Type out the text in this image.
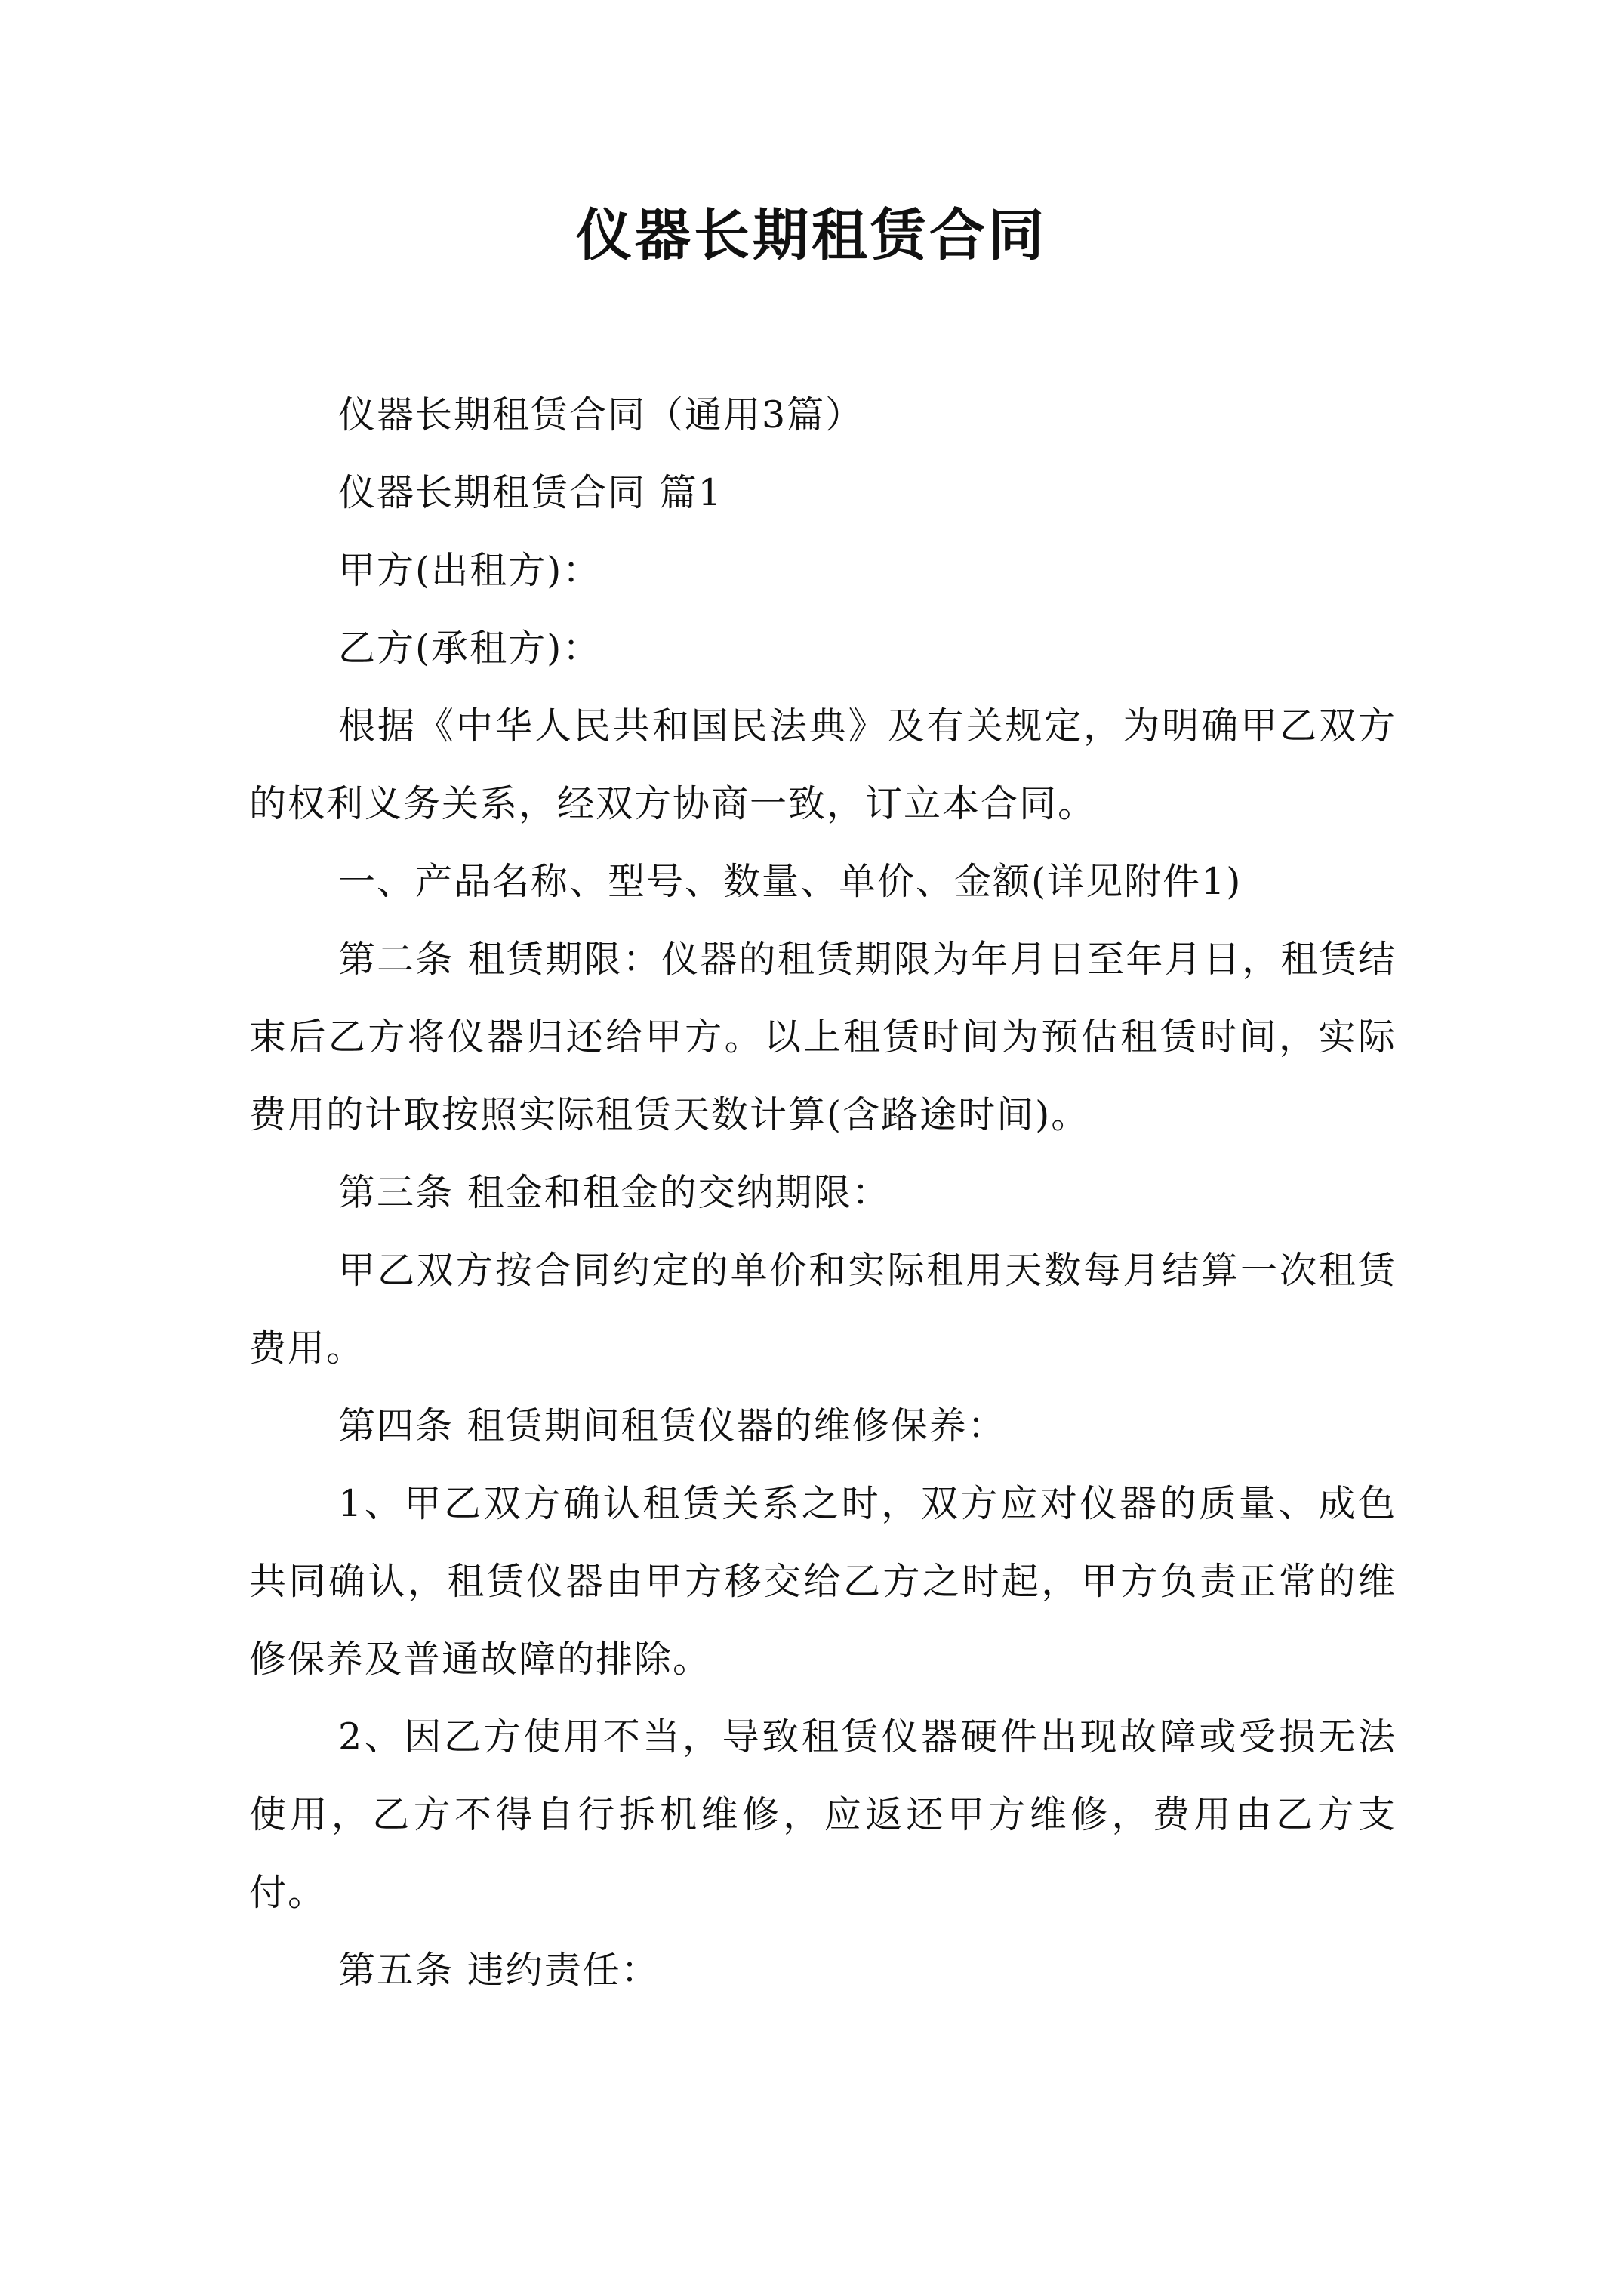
仪器长期租赁合同

仪器长期租赁合同（通用3篇）

仪器长期租赁合同 篇1

甲方(出租方)：

乙方(承租方)：

根据《中华人民共和国民法典》及有关规定，为明确甲乙双方的权利义务关系，经双方协商一致，订立本合同。

一、产品名称、型号、数量、单价、金额(详见附件1)

第二条 租赁期限：仪器的租赁期限为年月日至年月日，租赁结束后乙方将仪器归还给甲方。以上租赁时间为预估租赁时间，实际费用的计取按照实际租赁天数计算(含路途时间)。

第三条 租金和租金的交纳期限：

甲乙双方按合同约定的单价和实际租用天数每月结算一次租赁费用。

第四条 租赁期间租赁仪器的维修保养：

1、甲乙双方确认租赁关系之时，双方应对仪器的质量、成色共同确认，租赁仪器由甲方移交给乙方之时起，甲方负责正常的维修保养及普通故障的排除。

2、因乙方使用不当，导致租赁仪器硬件出现故障或受损无法使用，乙方不得自行拆机维修，应返还甲方维修，费用由乙方支付。

第五条 违约责任：
